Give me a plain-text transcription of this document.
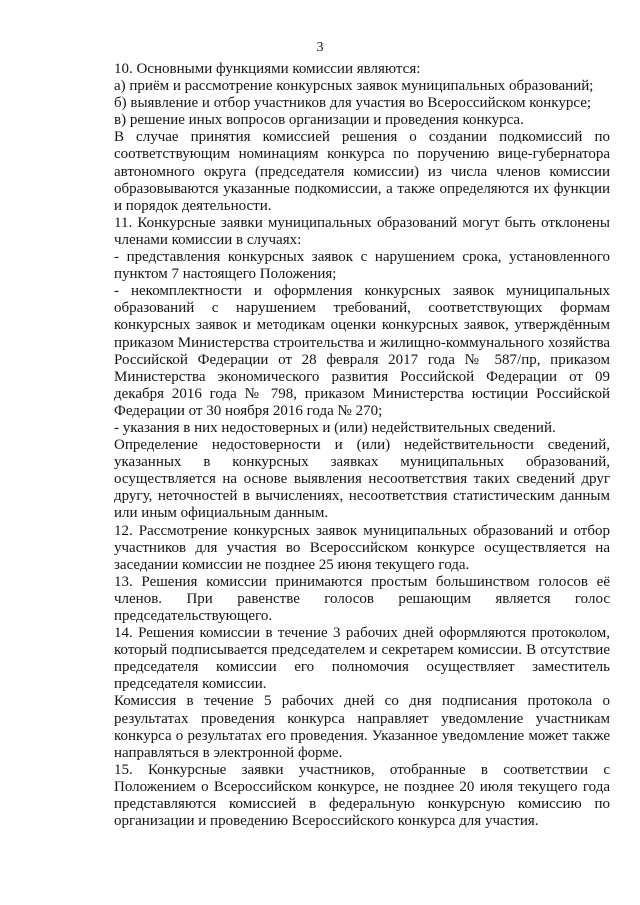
3

10. Основными функциями комиссии являются:

а) приём и рассмотрение конкурсных заявок муниципальных образований;

б) выявление и отбор участников для участия во Всероссийском конкурсе;

в) решение иных вопросов организации и проведения конкурса.

В случае принятия комиссией решения о создании подкомиссий по соответствующим номинациям конкурса по поручению вице-губернатора автономного округа (председателя комиссии) из числа членов комиссии образовываются указанные подкомиссии, а также определяются их функции и порядок деятельности.

11. Конкурсные заявки муниципальных образований могут быть отклонены членами комиссии в случаях:

- представления конкурсных заявок с нарушением срока, установленного пунктом 7 настоящего Положения;

- некомплектности и оформления конкурсных заявок муниципальных образований с нарушением требований, соответствующих формам конкурсных заявок и методикам оценки конкурсных заявок, утверждённым приказом Министерства строительства и жилищно-коммунального хозяйства Российской Федерации от 28 февраля 2017 года № 587/пр, приказом Министерства экономического развития Российской Федерации от 09 декабря 2016 года № 798, приказом Министерства юстиции Российской Федерации от 30 ноября 2016 года № 270;

- указания в них недостоверных и (или) недействительных сведений.

Определение недостоверности и (или) недействительности сведений, указанных в конкурсных заявках муниципальных образований, осуществляется на основе выявления несоответствия таких сведений друг другу, неточностей в вычислениях, несоответствия статистическим данным или иным официальным данным.

12. Рассмотрение конкурсных заявок муниципальных образований и отбор участников для участия во Всероссийском конкурсе осуществляется на заседании комиссии не позднее 25 июня текущего года.

13. Решения комиссии принимаются простым большинством голосов её членов. При равенстве голосов решающим является голос председательствующего.

14. Решения комиссии в течение 3 рабочих дней оформляются протоколом, который подписывается председателем и секретарем комиссии. В отсутствие председателя комиссии его полномочия осуществляет заместитель председателя комиссии.

Комиссия в течение 5 рабочих дней со дня подписания протокола о результатах проведения конкурса направляет уведомление участникам конкурса о результатах его проведения. Указанное уведомление может также направляться в электронной форме.

15. Конкурсные заявки участников, отобранные в соответствии с Положением о Всероссийском конкурсе, не позднее 20 июля текущего года представляются комиссией в федеральную конкурсную комиссию по организации и проведению Всероссийского конкурса для участия.
